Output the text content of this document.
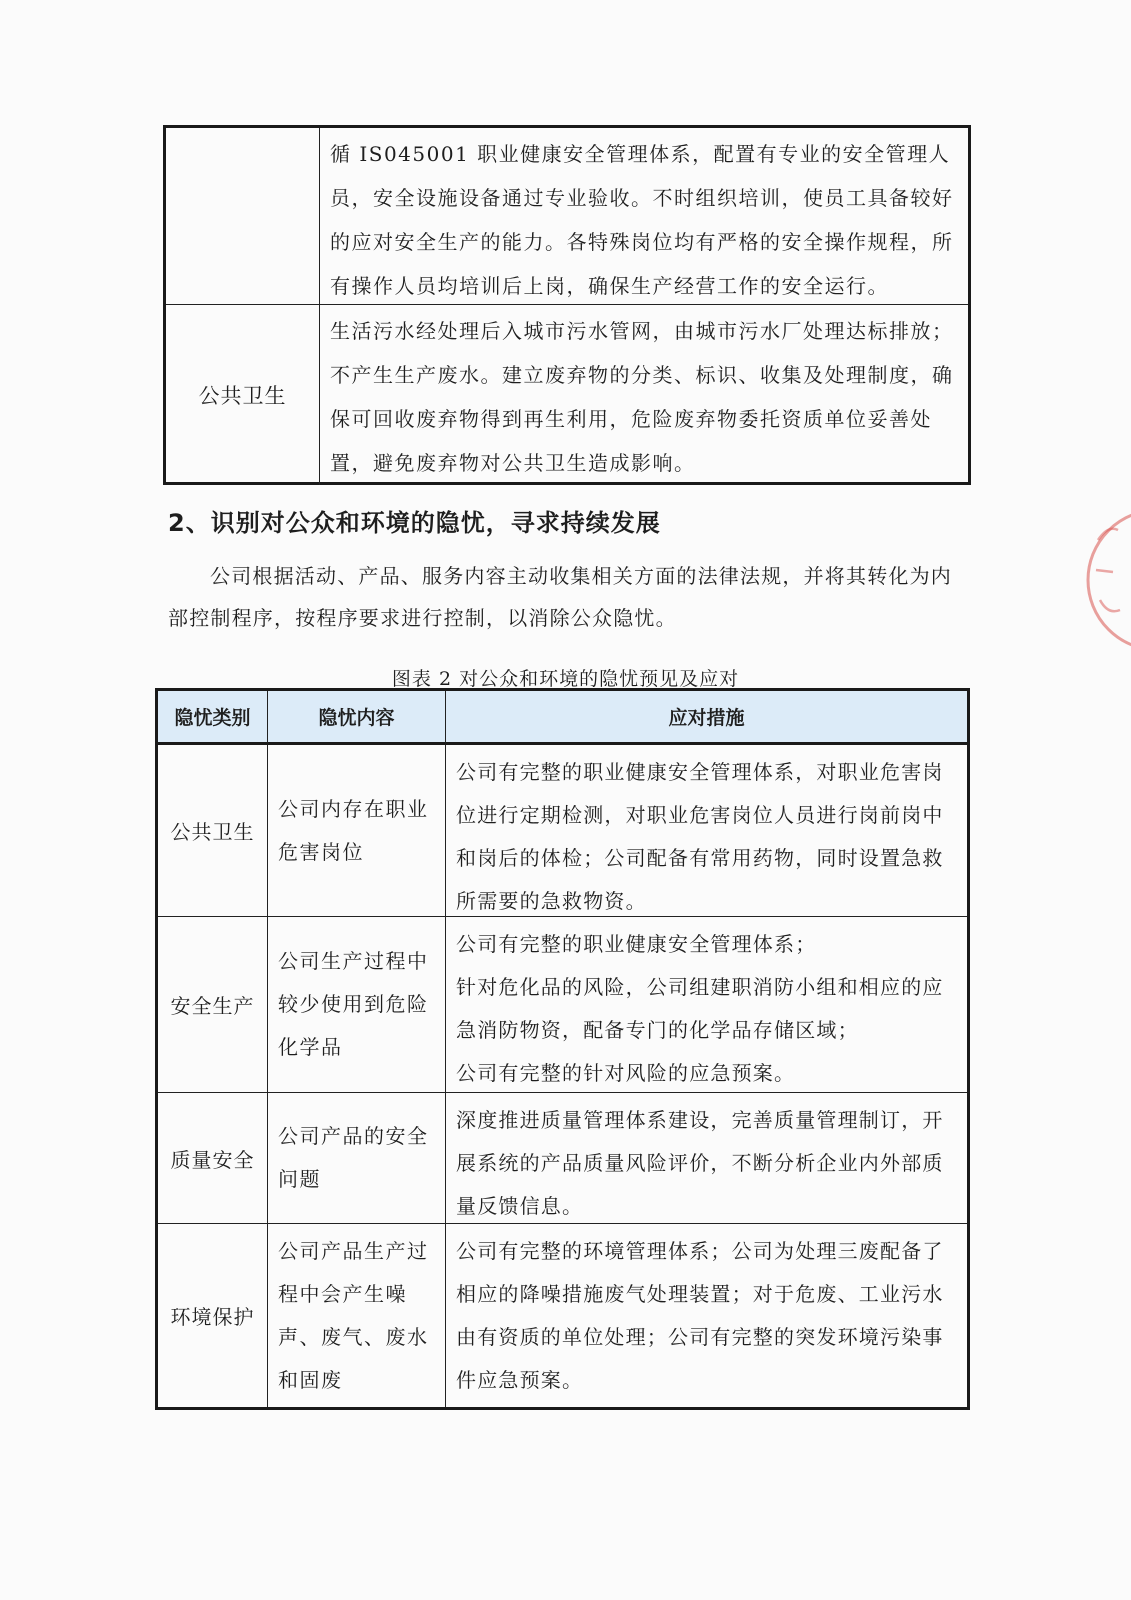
循 IS045001 职业健康安全管理体系，配置有专业的安全管理人员，安全设施设备通过专业验收。不时组织培训，使员工具备较好的应对安全生产的能力。各特殊岗位均有严格的安全操作规程，所有操作人员均培训后上岗，确保生产经营工作的安全运行。
公共卫生
生活污水经处理后入城市污水管网，由城市污水厂处理达标排放；不产生生产废水。建立废弃物的分类、标识、收集及处理制度，确保可回收废弃物得到再生利用，危险废弃物委托资质单位妥善处置，避免废弃物对公共卫生造成影响。
2、识别对公众和环境的隐忧，寻求持续发展
公司根据活动、产品、服务内容主动收集相关方面的法律法规，并将其转化为内部控制程序，按程序要求进行控制，以消除公众隐忧。
图表 2 对公众和环境的隐忧预见及应对
隐忧类别	隐忧内容	应对措施
公共卫生
公司内存在职业危害岗位
公司有完整的职业健康安全管理体系，对职业危害岗位进行定期检测，对职业危害岗位人员进行岗前岗中和岗后的体检；公司配备有常用药物，同时设置急救所需要的急救物资。
安全生产
公司生产过程中较少使用到危险化学品
公司有完整的职业健康安全管理体系；
针对危化品的风险，公司组建职消防小组和相应的应急消防物资，配备专门的化学品存储区域；
公司有完整的针对风险的应急预案。
质量安全
公司产品的安全问题
深度推进质量管理体系建设，完善质量管理制订，开展系统的产品质量风险评价，不断分析企业内外部质量反馈信息。
环境保护
公司产品生产过程中会产生噪声、废气、废水和固废
公司有完整的环境管理体系；公司为处理三废配备了相应的降噪措施废气处理装置；对于危废、工业污水由有资质的单位处理；公司有完整的突发环境污染事件应急预案。
